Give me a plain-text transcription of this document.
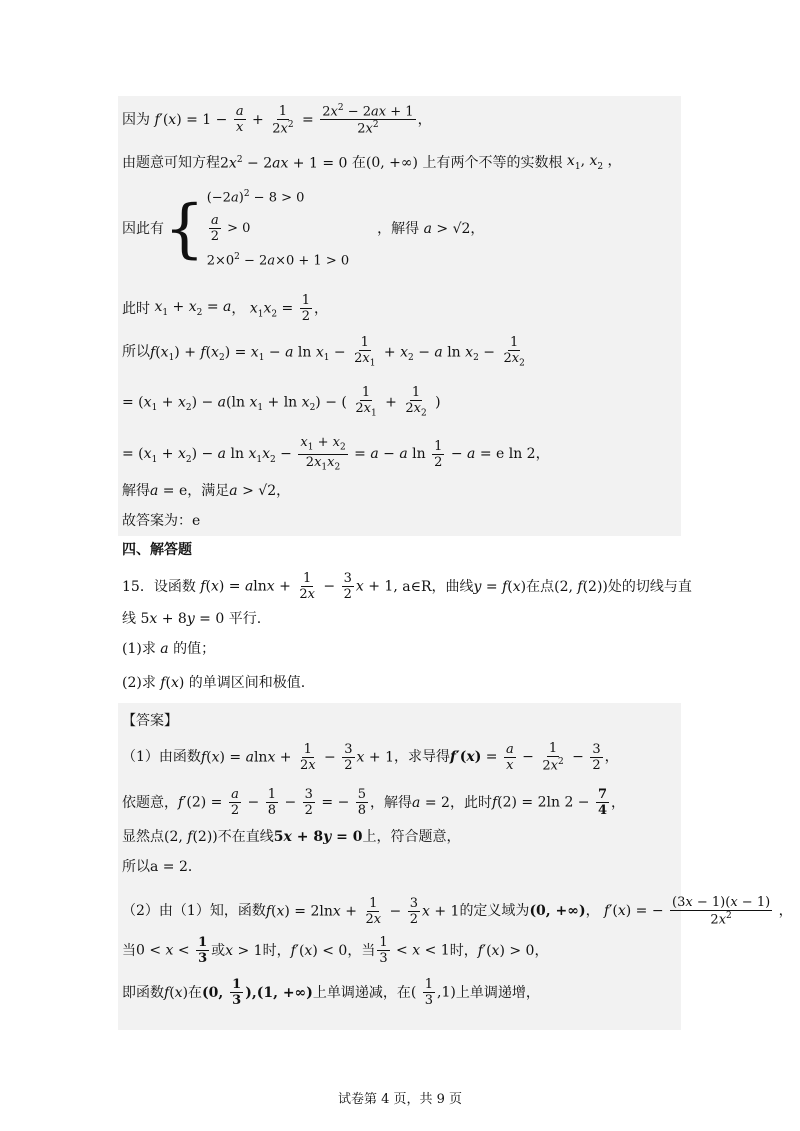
因为 $f'(x) = 1 - \frac{a}{x} + \frac{1}{2x^2} = \frac{2x^2 - 2ax + 1}{2x^2}$ ，
由题意可知方程 $2x^2 - 2ax + 1 = 0$ 在 (0, +∞) 上有两个不等的实数根 $x_1$, $x_2$ ，
因此有 { $(-2a)^2 - 8 > 0$
$\frac{a}{2} > 0$
$2\times 0^2 - 2a\times 0 + 1 > 0$
，解得 a > √2 ，
此时 $x_1 + x_2 = a$ ， $x_1x_2 = \frac{1}{2}$ ，
所以 $f(x_1) + f(x_2) = x_1 - a$ $\ln x_1 - \frac{1}{2x_1} + x_2 - a$ $\ln x_2 - \frac{1}{2x_2}$
= $(x_1 + x_2) - a(\ln$ $x_1 + \ln x_2$) − ( $\frac{1}{2x_1} + \frac{1}{2x_2}$ )
= $(x_1 + x_2) - a$ $\ln x_1x_2 - \frac{x_1 + x_2}{2x_1x_2} = a - a$ $\ln \frac{1}{2} - a = e$ ln 2 ，
解得 a = e ，满足 a > √2 ，
故答案为：e
四、解答题
15．设函数 $f(x) = alnx + \frac{1}{2x} - \frac{3}{2}$ x + 1, a∈R ，曲线 y = f(x) 在点 (2, f(2)) 处的切线与直
线 5x + 8y = 0 平行.
(1)求 a 的值；
(2)求 f(x) 的单调区间和极值.
【答案】
（1）由函数 $f(x) = alnx + \frac{1}{2x} - \frac{3}{2}$ x + 1 ，求导得 $f'(x) = \frac{a}{x} - \frac{1}{2x^2} - \frac{3}{2}$ ，
依题意， $f'(2) = \frac{a}{2} - \frac{1}{8} - \frac{3}{2}$ = − $\frac{5}{8}$ ，解得 a = 2 ，此时 f(2) = 2ln $2 - \frac{7}{4}$ ，
显然点 (2, f(2)) 不在直线 5x + 8y = 0 上，符合题意，
所以a = 2．
（2）由（1）知，函数 $f(x) = 2\ln x + \frac{1}{2x} - \frac{3}{2}$ x + 1 的定义域为 (0, +∞) ， f′(x) = − $\frac{(3x - 1)(x - 1)}{2x^2}$ ，
当 $0 < x < \frac{1}{3}$ 或 x > 1 时， f′(x) < 0 ，当 $\frac{1}{3} < x < 1$ 时， f′(x) > 0 ，
即函数 f(x) 在 (0, $\frac{1}{3} ),(1$, +∞) 上单调递减，在 ( $\frac{1}{3} ,1$) 上单调递增，
试卷第 4 页，共 9 页
